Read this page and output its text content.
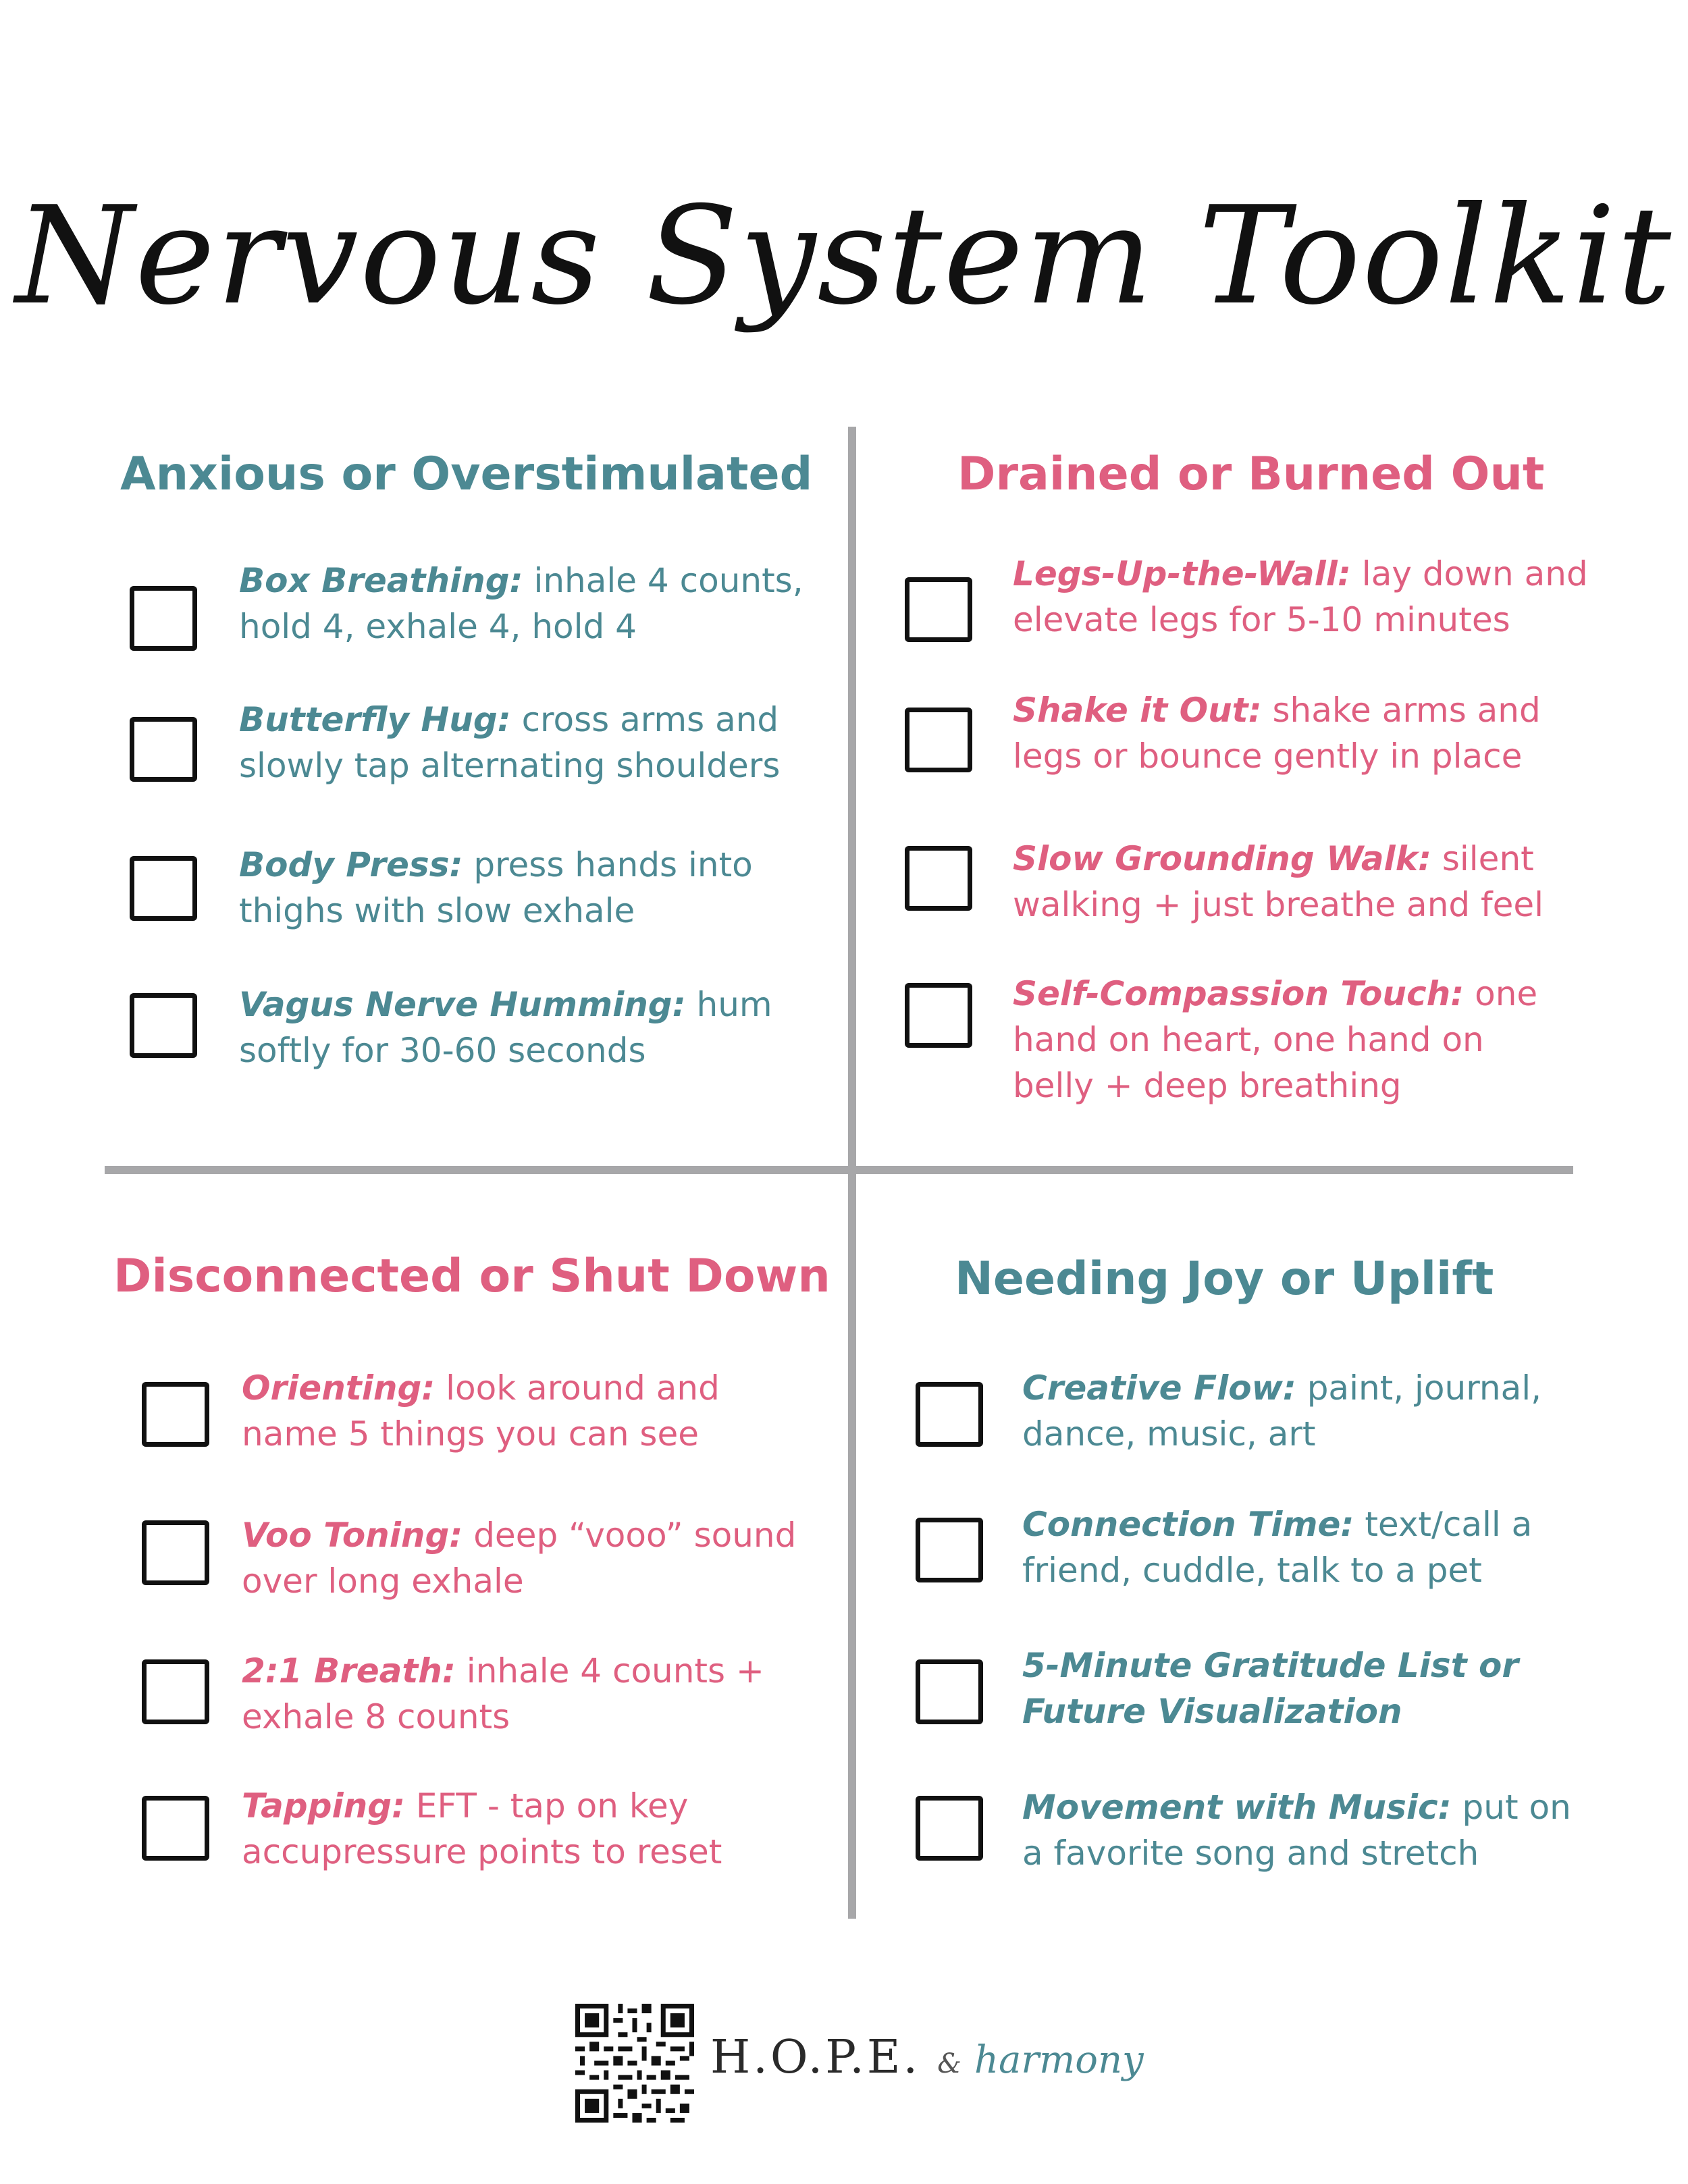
Nervous System Toolkit
Anxious or Overstimulated
Box Breathing: inhale 4 counts,
hold 4, exhale 4, hold 4
Butterfly Hug: cross arms and
slowly tap alternating shoulders
Body Press: press hands into
thighs with slow exhale
Vagus Nerve Humming: hum
softly for 30-60 seconds
Drained or Burned Out
Legs-Up-the-Wall: lay down and
elevate legs for 5-10 minutes
Shake it Out: shake arms and
legs or bounce gently in place
Slow Grounding Walk: silent
walking + just breathe and feel
Self-Compassion Touch: one
hand on heart, one hand on
belly + deep breathing
Disconnected or Shut Down
Orienting: look around and
name 5 things you can see
Voo Toning: deep “vooo” sound
over long exhale
2:1 Breath: inhale 4 counts +
exhale 8 counts
Tapping: EFT - tap on key
accupressure points to reset
Needing Joy or Uplift
Creative Flow: paint, journal,
dance, music, art
Connection Time: text/call a
friend, cuddle, talk to a pet
5-Minute Gratitude List or
Future Visualization
Movement with Music: put on
a favorite song and stretch
H.O.P.E. & harmony
